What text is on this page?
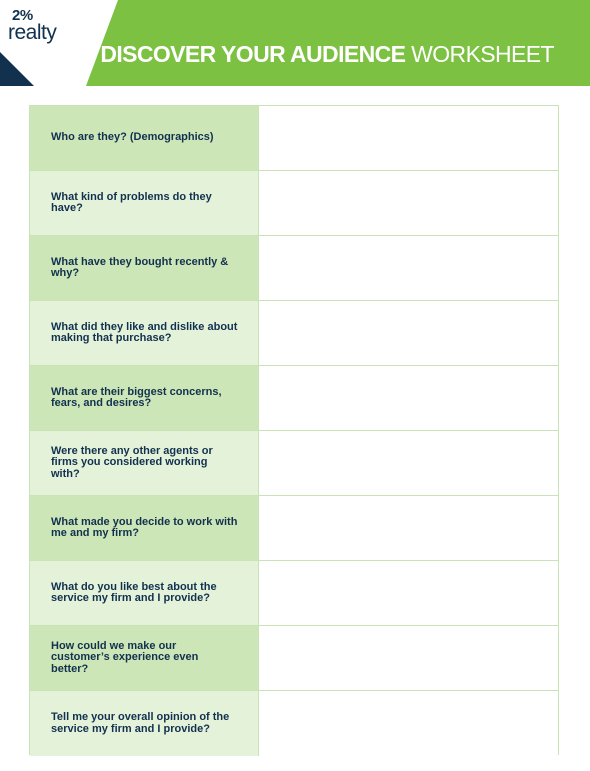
2%
realty
DISCOVER YOUR AUDIENCE WORKSHEET
Who are they? (Demographics)
What kind of problems do they have?
What have they bought recently & why?
What did they like and dislike about making that purchase?
What are their biggest concerns, fears, and desires?
Were there any other agents or firms you considered working with?
What made you decide to work with me and my firm?
What do you like best about the service my firm and I provide?
How could we make our customer’s experience even better?
Tell me your overall opinion of the service my firm and I provide?
